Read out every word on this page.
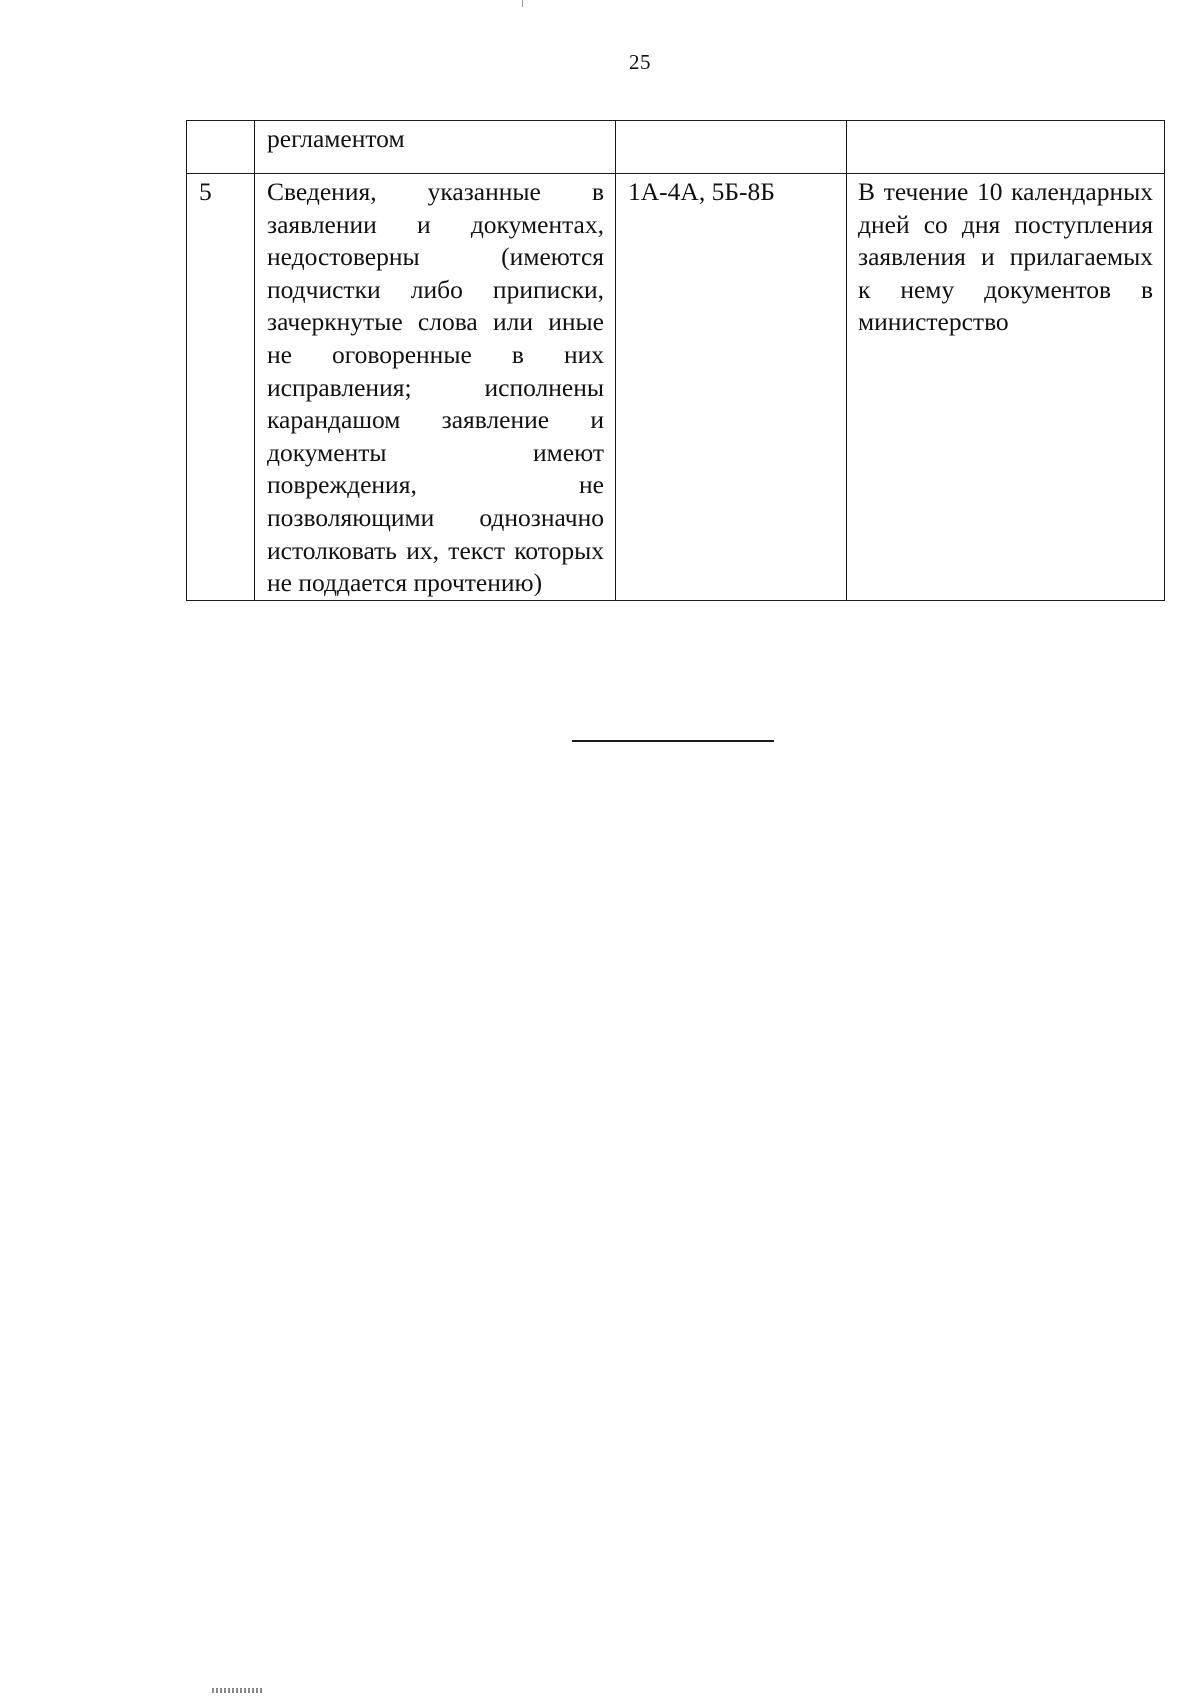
25
	регламентом		
5	Сведения, указанные в заявлении и документах, недостоверны (имеются подчистки либо приписки, зачеркнутые слова или иные не оговоренные в них исправления; исполнены карандашом заявление и документы имеют повреждения, не позволяющими однозначно истолковать их, текст которых не поддается прочтению)	1А-4А, 5Б-8Б	В течение 10 календарных дней со дня поступления заявления и прилагаемых к нему документов в министерство
